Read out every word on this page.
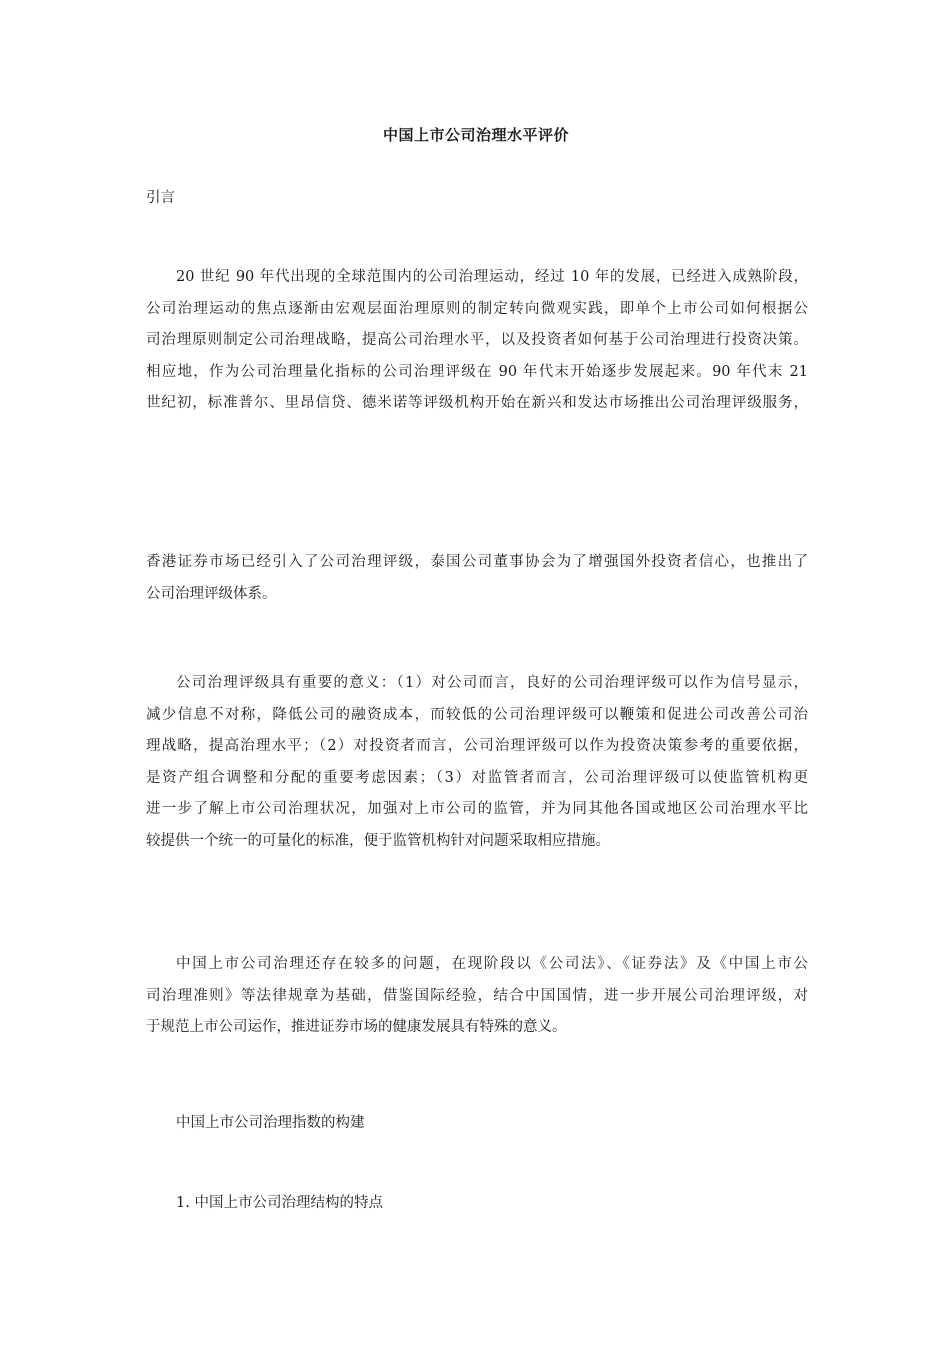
中国上市公司治理水平评价
引言
20 世纪 90 年代出现的全球范围内的公司治理运动，经过 10 年的发展，已经进入成熟阶段，
公司治理运动的焦点逐渐由宏观层面治理原则的制定转向微观实践，即单个上市公司如何根据公
司治理原则制定公司治理战略，提高公司治理水平，以及投资者如何基于公司治理进行投资决策。
相应地，作为公司治理量化指标的公司治理评级在 90 年代末开始逐步发展起来。90 年代末 21
世纪初，标准普尔、里昂信贷、德米诺等评级机构开始在新兴和发达市场推出公司治理评级服务，
香港证券市场已经引入了公司治理评级，泰国公司董事协会为了增强国外投资者信心，也推出了
公司治理评级体系。
公司治理评级具有重要的意义：（1）对公司而言，良好的公司治理评级可以作为信号显示，
减少信息不对称，降低公司的融资成本，而较低的公司治理评级可以鞭策和促进公司改善公司治
理战略，提高治理水平；（2）对投资者而言，公司治理评级可以作为投资决策参考的重要依据，
是资产组合调整和分配的重要考虑因素；（3）对监管者而言，公司治理评级可以使监管机构更
进一步了解上市公司治理状况，加强对上市公司的监管，并为同其他各国或地区公司治理水平比
较提供一个统一的可量化的标准，便于监管机构针对问题采取相应措施。
中国上市公司治理还存在较多的问题，在现阶段以《公司法》、《证券法》及《中国上市公
司治理准则》等法律规章为基础，借鉴国际经验，结合中国国情，进一步开展公司治理评级，对
于规范上市公司运作，推进证券市场的健康发展具有特殊的意义。
中国上市公司治理指数的构建
1. 中国上市公司治理结构的特点
